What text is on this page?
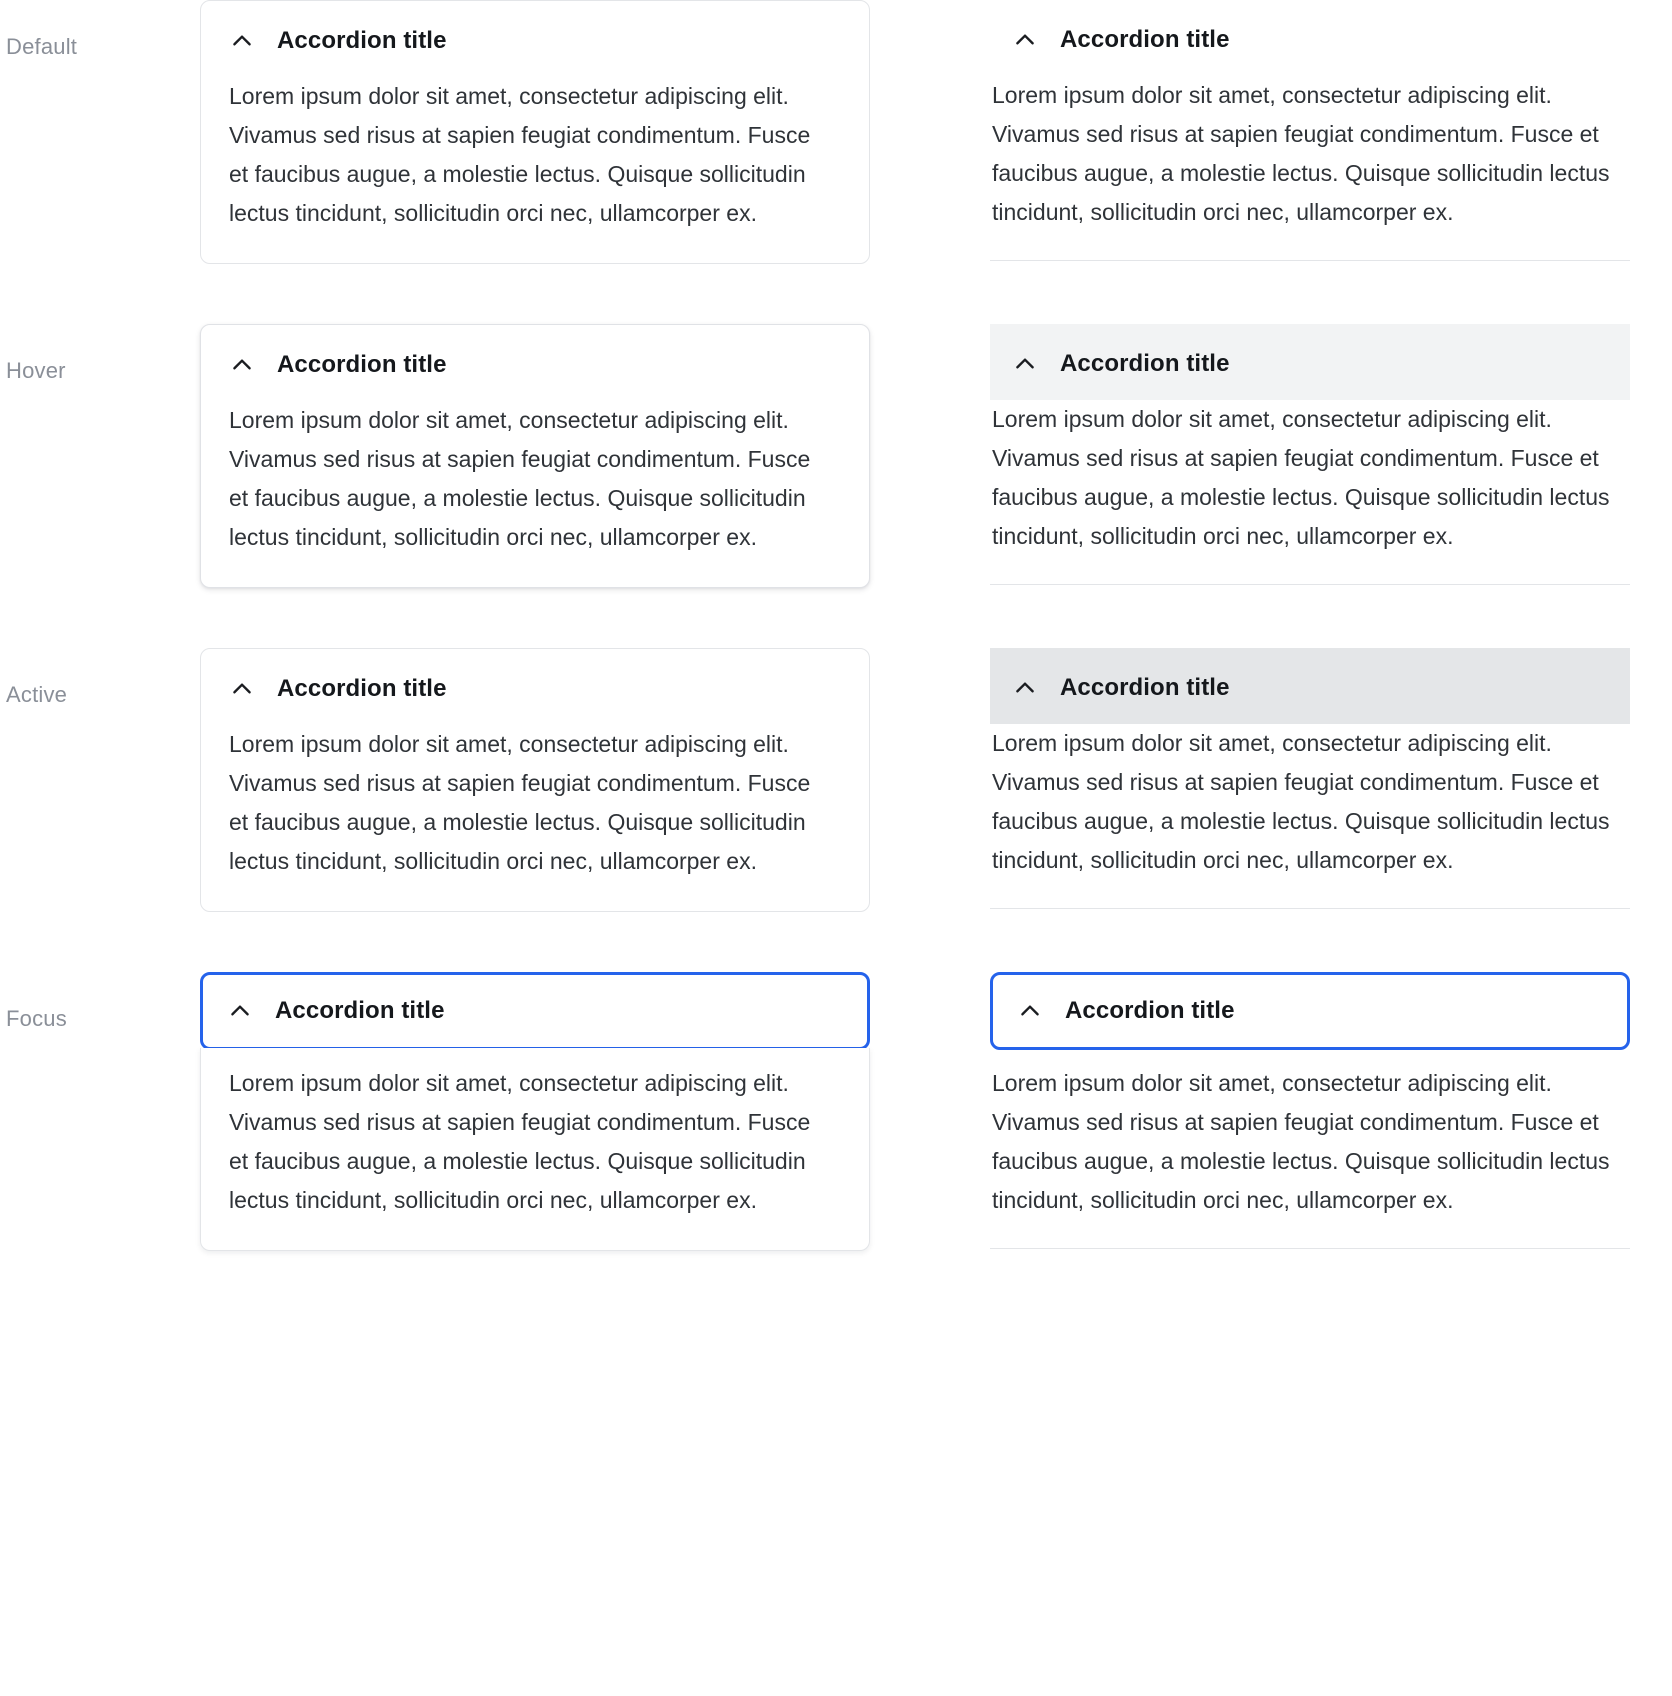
Default	Accordion title
Lorem ipsum dolor sit amet, consectetur adipiscing elit. Vivamus sed risus at sapien feugiat condimentum. Fusce et faucibus augue, a molestie lectus. Quisque sollicitudin lectus tincidunt, sollicitudin orci nec, ullamcorper ex.
Accordion title
Lorem ipsum dolor sit amet, consectetur adipiscing elit. Vivamus sed risus at sapien feugiat condimentum. Fusce et faucibus augue, a molestie lectus. Quisque sollicitudin lectus tincidunt, sollicitudin orci nec, ullamcorper ex.
Hover	Accordion title
Lorem ipsum dolor sit amet, consectetur adipiscing elit. Vivamus sed risus at sapien feugiat condimentum. Fusce et faucibus augue, a molestie lectus. Quisque sollicitudin lectus tincidunt, sollicitudin orci nec, ullamcorper ex.
Accordion title
Lorem ipsum dolor sit amet, consectetur adipiscing elit. Vivamus sed risus at sapien feugiat condimentum. Fusce et faucibus augue, a molestie lectus. Quisque sollicitudin lectus tincidunt, sollicitudin orci nec, ullamcorper ex.
Active	Accordion title
Lorem ipsum dolor sit amet, consectetur adipiscing elit. Vivamus sed risus at sapien feugiat condimentum. Fusce et faucibus augue, a molestie lectus. Quisque sollicitudin lectus tincidunt, sollicitudin orci nec, ullamcorper ex.
Accordion title
Lorem ipsum dolor sit amet, consectetur adipiscing elit. Vivamus sed risus at sapien feugiat condimentum. Fusce et faucibus augue, a molestie lectus. Quisque sollicitudin lectus tincidunt, sollicitudin orci nec, ullamcorper ex.
Focus	Accordion title
Lorem ipsum dolor sit amet, consectetur adipiscing elit. Vivamus sed risus at sapien feugiat condimentum. Fusce et faucibus augue, a molestie lectus. Quisque sollicitudin lectus tincidunt, sollicitudin orci nec, ullamcorper ex.
Accordion title
Lorem ipsum dolor sit amet, consectetur adipiscing elit. Vivamus sed risus at sapien feugiat condimentum. Fusce et faucibus augue, a molestie lectus. Quisque sollicitudin lectus tincidunt, sollicitudin orci nec, ullamcorper ex.
